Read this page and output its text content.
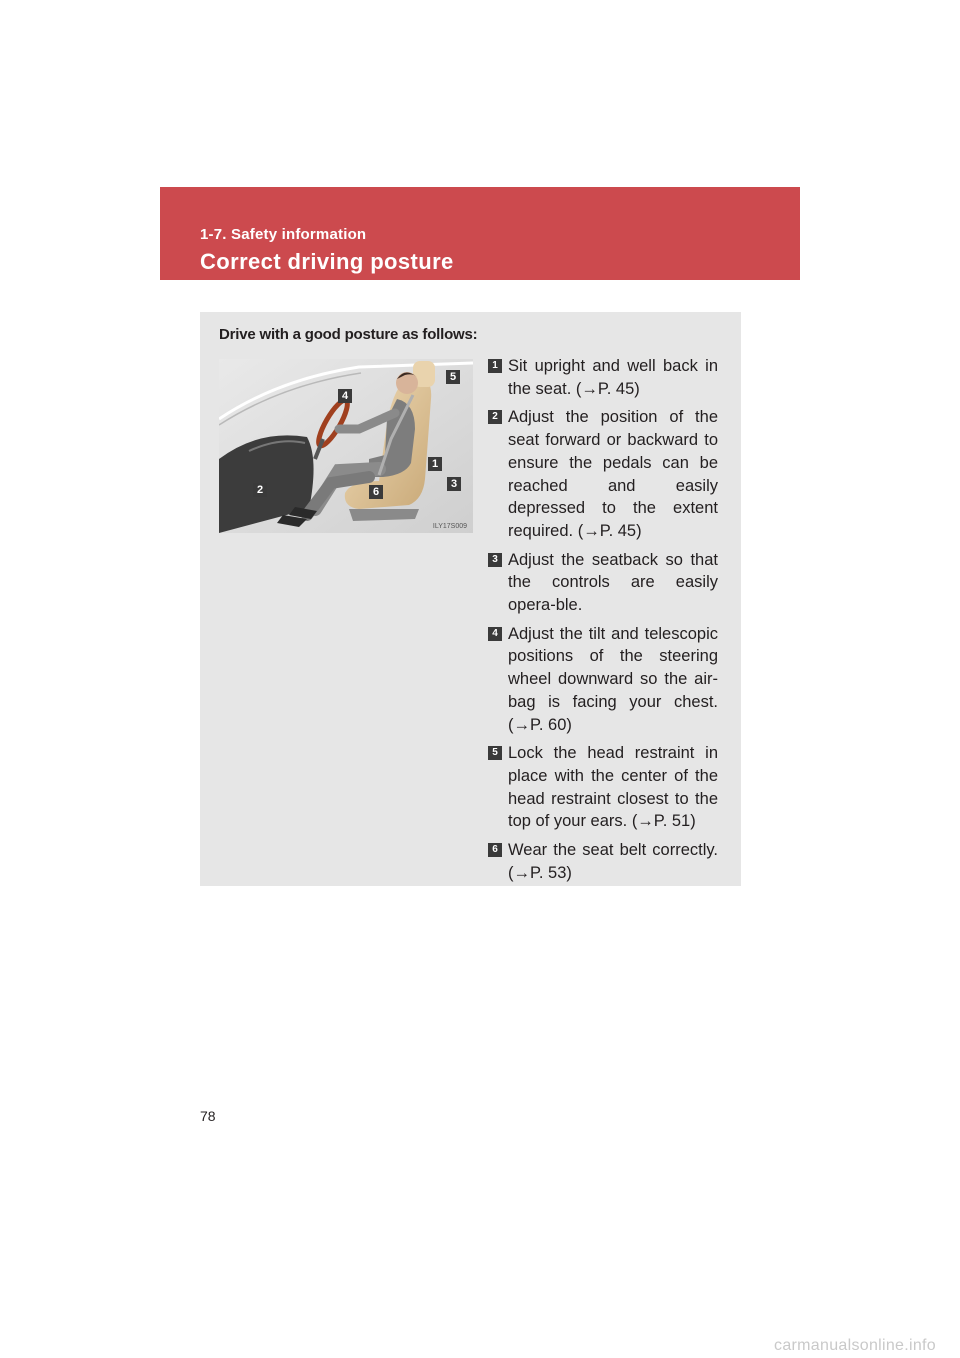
1-7. Safety information
Correct driving posture
Drive with a good posture as follows:
4
5
1
3
2	6
ILY17S009
1 Sit upright and well back in the seat. (→P. 45)
2 Adjust the position of the seat forward or backward to ensure the pedals can be reached and easily depressed to the extent required. (→P. 45)
3 Adjust the seatback so that the controls are easily opera-ble.
4 Adjust the tilt and telescopic positions of the steering wheel downward so the air-bag is facing your chest. (→P. 60)
5 Lock the head restraint in place with the center of the head restraint closest to the top of your ears. (→P. 51)
6 Wear the seat belt correctly. (→P. 53)
78
carmanualsonline.info
